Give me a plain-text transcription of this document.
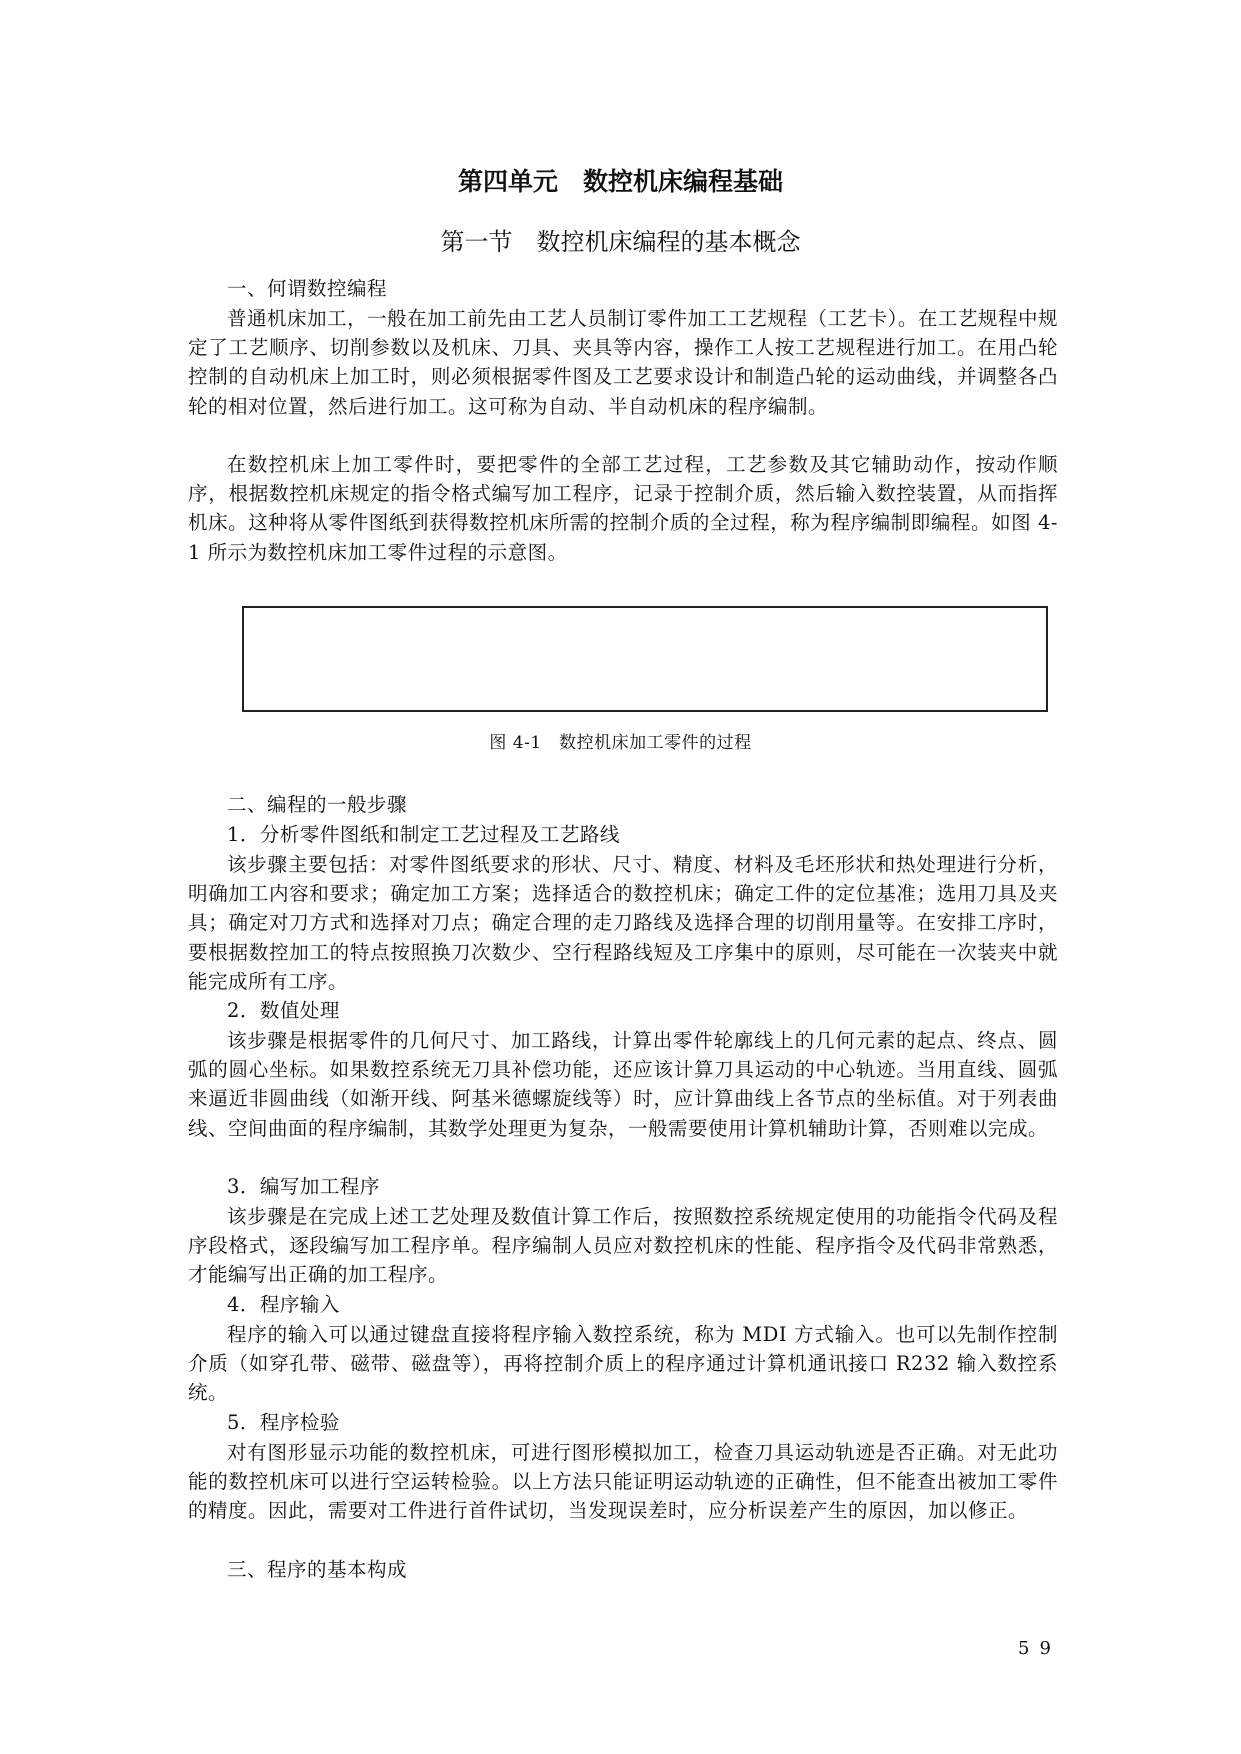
第四单元　数控机床编程基础
第一节　数控机床编程的基本概念

一、何谓数控编程

普通机床加工，一般在加工前先由工艺人员制订零件加工工艺规程（工艺卡）。在工艺规程中规定了工艺顺序、切削参数以及机床、刀具、夹具等内容，操作工人按工艺规程进行加工。在用凸轮控制的自动机床上加工时，则必须根据零件图及工艺要求设计和制造凸轮的运动曲线，并调整各凸轮的相对位置，然后进行加工。这可称为自动、半自动机床的程序编制。

在数控机床上加工零件时，要把零件的全部工艺过程，工艺参数及其它辅助动作，按动作顺序，根据数控机床规定的指令格式编写加工程序，记录于控制介质，然后输入数控装置，从而指挥机床。这种将从零件图纸到获得数控机床所需的控制介质的全过程，称为程序编制即编程。如图 4-1 所示为数控机床加工零件过程的示意图。

图 4-1　数控机床加工零件的过程

二、编程的一般步骤

1．分析零件图纸和制定工艺过程及工艺路线

该步骤主要包括：对零件图纸要求的形状、尺寸、精度、材料及毛坯形状和热处理进行分析，明确加工内容和要求；确定加工方案；选择适合的数控机床；确定工件的定位基准；选用刀具及夹具；确定对刀方式和选择对刀点；确定合理的走刀路线及选择合理的切削用量等。在安排工序时，要根据数控加工的特点按照换刀次数少、空行程路线短及工序集中的原则，尽可能在一次装夹中就能完成所有工序。

2．数值处理

该步骤是根据零件的几何尺寸、加工路线，计算出零件轮廓线上的几何元素的起点、终点、圆弧的圆心坐标。如果数控系统无刀具补偿功能，还应该计算刀具运动的中心轨迹。当用直线、圆弧来逼近非圆曲线（如渐开线、阿基米德螺旋线等）时，应计算曲线上各节点的坐标值。对于列表曲线、空间曲面的程序编制，其数学处理更为复杂，一般需要使用计算机辅助计算，否则难以完成。

3．编写加工程序

该步骤是在完成上述工艺处理及数值计算工作后，按照数控系统规定使用的功能指令代码及程序段格式，逐段编写加工程序单。程序编制人员应对数控机床的性能、程序指令及代码非常熟悉，才能编写出正确的加工程序。

4．程序输入

程序的输入可以通过键盘直接将程序输入数控系统，称为 MDI 方式输入。也可以先制作控制介质（如穿孔带、磁带、磁盘等），再将控制介质上的程序通过计算机通讯接口 R232 输入数控系统。

5．程序检验

对有图形显示功能的数控机床，可进行图形模拟加工，检查刀具运动轨迹是否正确。对无此功能的数控机床可以进行空运转检验。以上方法只能证明运动轨迹的正确性，但不能查出被加工零件的精度。因此，需要对工件进行首件试切，当发现误差时，应分析误差产生的原因，加以修正。

三、程序的基本构成

59
